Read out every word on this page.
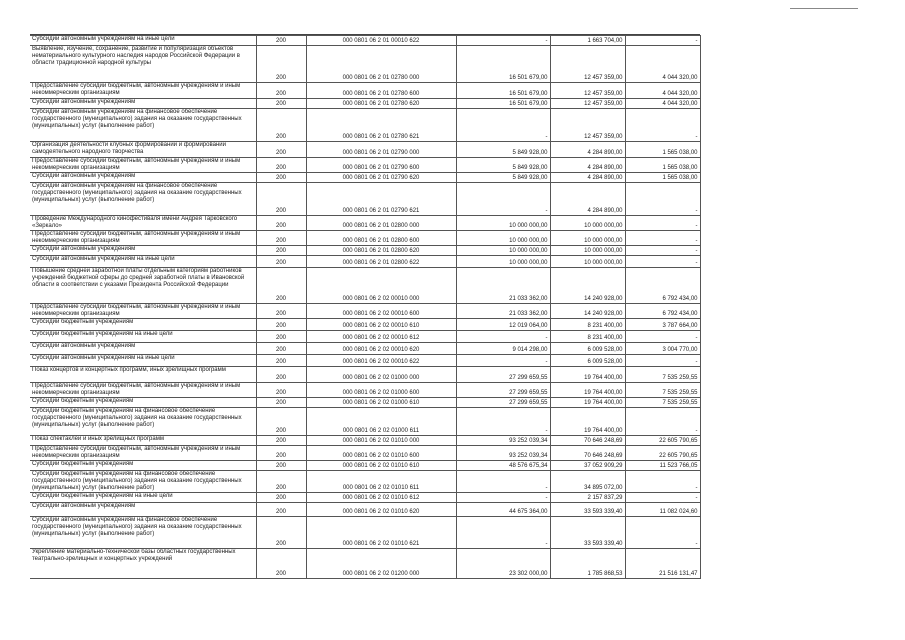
Субсидии автономным учреждениям на иные цели	200	000 0801 06 2 01 00010 622	-	1 663 704,00	-
Выявление, изучение, сохранение, развитие и популяризация объектов нематериального культурного наследия народов Российской Федерации в области традиционной народной культуры	200	000 0801 06 2 01 02780 000	16 501 679,00	12 457 359,00	4 044 320,00
Предоставление субсидий бюджетным, автономным учреждениям и иным некоммерческим организациям	200	000 0801 06 2 01 02780 600	16 501 679,00	12 457 359,00	4 044 320,00
Субсидии автономным учреждениям	200	000 0801 06 2 01 02780 620	16 501 679,00	12 457 359,00	4 044 320,00
Субсидии автономным учреждениям на финансовое обеспечение государственного (муниципального) задания на оказание государственных (муниципальных) услуг (выполнение работ)	200	000 0801 06 2 01 02780 621	-	12 457 359,00	-
Организация деятельности клубных формирований и формирований самодеятельного народного творчества	200	000 0801 06 2 01 02790 000	5 849 928,00	4 284 890,00	1 565 038,00
Предоставление субсидий бюджетным, автономным учреждениям и иным некоммерческим организациям	200	000 0801 06 2 01 02790 600	5 849 928,00	4 284 890,00	1 565 038,00
Субсидии автономным учреждениям	200	000 0801 06 2 01 02790 620	5 849 928,00	4 284 890,00	1 565 038,00
Субсидии автономным учреждениям на финансовое обеспечение государственного (муниципального) задания на оказание государственных (муниципальных) услуг (выполнение работ)	200	000 0801 06 2 01 02790 621	-	4 284 890,00	-
Проведение Международного кинофестиваля имени Андрея Тарковского «Зеркало»	200	000 0801 06 2 01 02800 000	10 000 000,00	10 000 000,00	-
Предоставление субсидий бюджетным, автономным учреждениям и иным некоммерческим организациям	200	000 0801 06 2 01 02800 600	10 000 000,00	10 000 000,00	-
Субсидии автономным учреждениям	200	000 0801 06 2 01 02800 620	10 000 000,00	10 000 000,00	-
Субсидии автономным учреждениям на иные цели	200	000 0801 06 2 01 02800 622	10 000 000,00	10 000 000,00	-
Повышение средней заработной платы отдельным категориям работников учреждений бюджетной сферы до средней заработной платы в Ивановской области в соответствии с указами Президента Российской Федерации	200	000 0801 06 2 02 00010 000	21 033 362,00	14 240 928,00	6 792 434,00
Предоставление субсидий бюджетным, автономным учреждениям и иным некоммерческим организациям	200	000 0801 06 2 02 00010 600	21 033 362,00	14 240 928,00	6 792 434,00
Субсидии бюджетным учреждениям	200	000 0801 06 2 02 00010 610	12 019 064,00	8 231 400,00	3 787 664,00
Субсидии бюджетным учреждениям на иные цели	200	000 0801 06 2 02 00010 612	-	8 231 400,00	-
Субсидии автономным учреждениям	200	000 0801 06 2 02 00010 620	9 014 298,00	6 009 528,00	3 004 770,00
Субсидии автономным учреждениям на иные цели	200	000 0801 06 2 02 00010 622	-	6 009 528,00	-
Показ концертов и концертных программ, иных зрелищных программ	200	000 0801 06 2 02 01000 000	27 299 659,55	19 764 400,00	7 535 259,55
Предоставление субсидий бюджетным, автономным учреждениям и иным некоммерческим организациям	200	000 0801 06 2 02 01000 600	27 299 659,55	19 764 400,00	7 535 259,55
Субсидии бюджетным учреждениям	200	000 0801 06 2 02 01000 610	27 299 659,55	19 764 400,00	7 535 259,55
Субсидии бюджетным учреждениям на финансовое обеспечение государственного (муниципального) задания на оказание государственных (муниципальных) услуг (выполнение работ)	200	000 0801 06 2 02 01000 611	-	19 764 400,00	-
Показ спектаклей и иных зрелищных программ	200	000 0801 06 2 02 01010 000	93 252 039,34	70 646 248,69	22 605 790,65
Предоставление субсидий бюджетным, автономным учреждениям и иным некоммерческим организациям	200	000 0801 06 2 02 01010 600	93 252 039,34	70 646 248,69	22 605 790,65
Субсидии бюджетным учреждениям	200	000 0801 06 2 02 01010 610	48 576 675,34	37 052 909,29	11 523 766,05
Субсидии бюджетным учреждениям на финансовое обеспечение государственного (муниципального) задания на оказание государственных (муниципальных) услуг (выполнение работ)	200	000 0801 06 2 02 01010 611	-	34 895 072,00	-
Субсидии бюджетным учреждениям на иные цели	200	000 0801 06 2 02 01010 612	-	2 157 837,29	-
Субсидии автономным учреждениям	200	000 0801 06 2 02 01010 620	44 675 364,00	33 593 339,40	11 082 024,60
Субсидии автономным учреждениям на финансовое обеспечение государственного (муниципального) задания на оказание государственных (муниципальных) услуг (выполнение работ)	200	000 0801 06 2 02 01010 621	-	33 593 339,40	-
Укрепление материально-технической базы областных государственных театрально-зрелищных и концертных учреждений	200	000 0801 06 2 02 01200 000	23 302 000,00	1 785 868,53	21 516 131,47
